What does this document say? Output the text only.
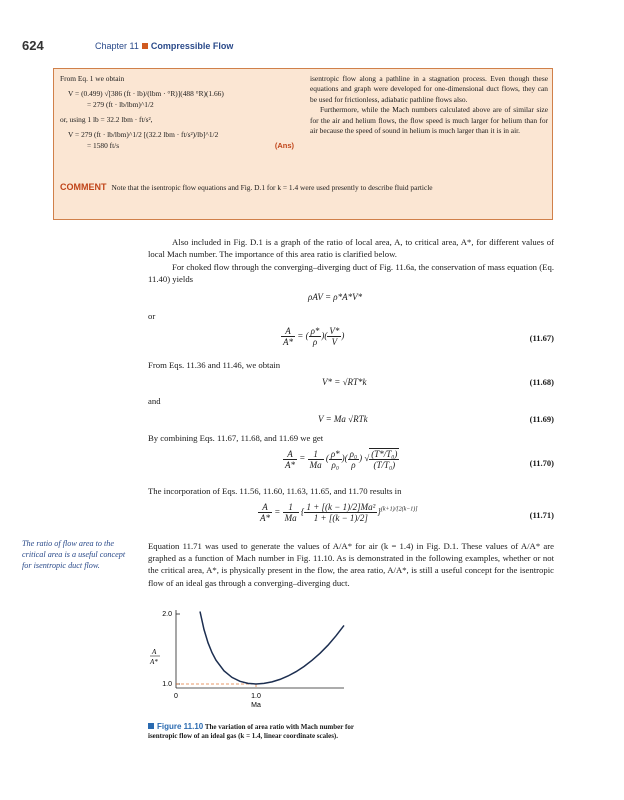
624	Chapter 11 Compressible Flow
From Eq. 1 we obtain
V = (0.499) √[386 (ft · lb)/(lbm · °R)](488 °R)(1.66)
= 279 (ft · lb/lbm)^1/2
or, using 1 lb = 32.2 lbm · ft/s²,
V = 279 (ft · lb/lbm)^1/2 [(32.2 lbm · ft/s²)/lb]^1/2
= 1580 ft/s	(Ans)

isentropic flow along a pathline in a stagnation process. Even though these equations and graph were developed for one-dimensional duct flows, they can be used for frictionless, adiabatic pathline flows also.

Furthermore, while the Mach numbers calculated above are of similar size for the air and helium flows, the flow speed is much larger for helium than for air because the speed of sound in helium is much larger than it is in air.

COMMENT Note that the isentropic flow equations and Fig. D.1 for k = 1.4 were used presently to describe fluid particle

Also included in Fig. D.1 is a graph of the ratio of local area, A, to critical area, A*, for different values of local Mach number. The importance of this area ratio is clarified below.

For choked flow through the converging–diverging duct of Fig. 11.6a, the conservation of mass equation (Eq. 11.40) yields

ρAV = ρ*A*V*

or

$\frac{A}{A*}$ = ( $\frac{\rho*}{\rho}$ )( $\frac{V*}{V}$ )	(11.67)

From Eqs. 11.36 and 11.46, we obtain

V* = √RT*k	(11.68)

and

V = Ma √RTk	(11.69)

By combining Eqs. 11.67, 11.68, and 11.69 we get

$\frac{A}{A*} = \frac{1}{Ma}$ ( $\frac{\rho*}{\text{ρ₀}}$ )( $\frac{\text{ρ₀}}{\rho}$ ) √ $\frac{\text{(T*/T₀)}}{\text{(T/T₀)}}$	(11.70)

The incorporation of Eqs. 11.56, 11.60, 11.63, 11.65, and 11.70 results in

$\frac{A}{A*} = \frac{1}{Ma}$ { $\frac{\text{1 + [(k − 1)/2]Ma²}}{1 + [(k - 1)/2]} \}^{(k+1)/[2(k-1)]}$
(11.71)

Equation 11.71 was used to generate the values of A/A* for air (k = 1.4) in Fig. D.1. These values of A/A* are graphed as a function of Mach number in Fig. 11.10. As is demonstrated in the following examples, whether or not the critical area, A*, is physically present in the flow, the area ratio, A/A*, is still a useful concept for the isentropic flow of an ideal gas through a converging–diverging duct.

The ratio of flow area to the critical area is a useful concept for isentropic duct flow.

2.0
1.0
A
A*
0	1.0
Ma
Figure 11.10 The variation of area ratio with Mach number for isentropic flow of an ideal gas (k = 1.4, linear coordinate scales).
